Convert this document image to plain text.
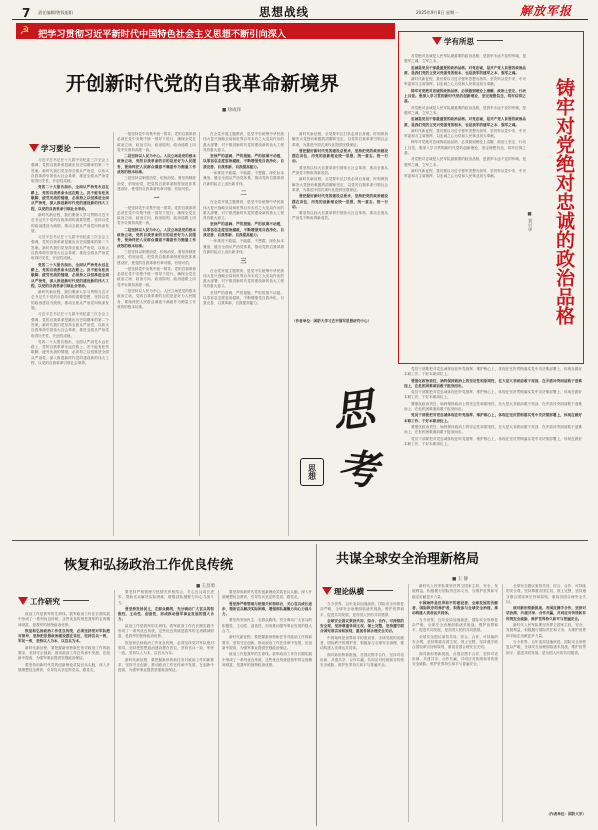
7 责任编辑/曾钱旭阳	思想战线	2025年9月8日 星期一	解放军报
☭ 把学习贯彻习近平新时代中国特色社会主义思想不断引向深入
开创新时代党的自我革命新境界
■ 徐成泽
学习要论

习近平总书记在十九届中央纪委三次全会上强调，党的自我革命是跳出历史周期率的第二个答案。新时代我们党坚持全面从严治党，以伟大自我革命引领伟大社会革命，推进全面从严治党取得历史性、开创性成就。

党的二十大报告指出，全面从严治党永远在路上，党的自我革命永远在路上。决不能有松劲歇脚、疲劳厌战的情绪，必须持之以恒推进全面从严治党，深入推进新时代党的建设新的伟大工程，以党的自我革命引领社会革命。

新时代新征程，我们要深入学习贯彻习近平总书记关于党的自我革命的重要思想，坚持以党的政治建设为统领，推动全面从严治党向纵深发展。

习近平总书记在十九届中央纪委三次全会上强调，党的自我革命是跳出历史周期率的第二个答案。新时代我们党坚持全面从严治党，以伟大自我革命引领伟大社会革命，推进全面从严治党取得历史性、开创性成就。

党的二十大报告指出，全面从严治党永远在路上，党的自我革命永远在路上。决不能有松劲歇脚、疲劳厌战的情绪，必须持之以恒推进全面从严治党，深入推进新时代党的建设新的伟大工程，以党的自我革命引领社会革命。

新时代新征程，我们要深入学习贯彻习近平总书记关于党的自我革命的重要思想，坚持以党的政治建设为统领，推动全面从严治党向纵深发展。

习近平总书记在十九届中央纪委三次全会上强调，党的自我革命是跳出历史周期率的第二个答案。新时代我们党坚持全面从严治党，以伟大自我革命引领伟大社会革命，推进全面从严治党取得历史性、开创性成就。

党的二十大报告指出，全面从严治党永远在路上，党的自我革命永远在路上。决不能有松劲歇脚、疲劳厌战的情绪，必须持之以恒推进全面从严治党，深入推进新时代党的建设新的伟大工程，以党的自我革命引领社会革命。

一是坚持党中央集中统一领导。党的自我革命必须在党中央集中统一领导下进行，确保全党在政治立场、政治方向、政治原则、政治道路上同党中央保持高度一致。

二是坚持以人民为中心。人民立场是党的根本政治立场，党的自我革命的目的是更好为人民服务，要始终把人民群众满意不满意作为衡量工作成效的根本标准。

三是坚持以制度治党、依规治党。要坚持制度治党、依规治党，把党的自我革命制度规范体系建设好，使党的自我革命有章可循、有规可依。

一

一是坚持党中央集中统一领导。党的自我革命必须在党中央集中统一领导下进行，确保全党在政治立场、政治方向、政治原则、政治道路上同党中央保持高度一致。

二是坚持以人民为中心。人民立场是党的根本政治立场，党的自我革命的目的是更好为人民服务，要始终把人民群众满意不满意作为衡量工作成效的根本标准。

三是坚持以制度治党、依规治党。要坚持制度治党、依规治党，把党的自我革命制度规范体系建设好，使党的自我革命有章可循、有规可依。

一是坚持党中央集中统一领导。党的自我革命必须在党中央集中统一领导下进行，确保全党在政治立场、政治方向、政治原则、政治道路上同党中央保持高度一致。

二是坚持以人民为中心。人民立场是党的根本政治立场，党的自我革命的目的是更好为人民服务，要始终把人民群众满意不满意作为衡量工作成效的根本标准。

在全党开展主题教育，是党中央统筹中华民族伟大复兴战略全局和世界百年未有之大变局作出的重大部署，对于推进新时代党的建设新的伟大工程具有重大意义。

坚持严的基调、严的措施、严的氛围不动摇，以零容忍态度惩治腐败，不断增强党自我净化、自我完善、自我革新、自我提高能力。

一体推进不敢腐、不能腐、不想腐，深化标本兼治，健全全面从严治党体系，推动党的自我革命在新的起点上迈出新步伐。

二

在全党开展主题教育，是党中央统筹中华民族伟大复兴战略全局和世界百年未有之大变局作出的重大部署，对于推进新时代党的建设新的伟大工程具有重大意义。

坚持严的基调、严的措施、严的氛围不动摇，以零容忍态度惩治腐败，不断增强党自我净化、自我完善、自我革新、自我提高能力。

一体推进不敢腐、不能腐、不想腐，深化标本兼治，健全全面从严治党体系，推动党的自我革命在新的起点上迈出新步伐。

三

在全党开展主题教育，是党中央统筹中华民族伟大复兴战略全局和世界百年未有之大变局作出的重大部署，对于推进新时代党的建设新的伟大工程具有重大意义。

坚持严的基调、严的措施、严的氛围不动摇，以零容忍态度惩治腐败，不断增强党自我净化、自我完善、自我革新、自我提高能力。

新时代新征程，全党要牢记打铁必须自身硬，时刻保持解决大党独有难题的清醒和坚定，以党的自我革命引领社会革命，为推进中国式现代化提供坚强保证。

要把握好新时代党的建设总要求，坚持把党的政治建设摆在首位，用党的创新理论统一思想、统一意志、统一行动。

要坚持以伟大自我革命引领伟大社会革命，推动全面从严治党不断取得新成效。

新时代新征程，全党要牢记打铁必须自身硬，时刻保持解决大党独有难题的清醒和坚定，以党的自我革命引领社会革命，为推进中国式现代化提供坚强保证。

要把握好新时代党的建设总要求，坚持把党的政治建设摆在首位，用党的创新理论统一思想、统一意志、统一行动。

要坚持以伟大自我革命引领伟大社会革命，推动全面从严治党不断取得新成效。

（作者单位：国防大学习近平强军思想研究中心）
思
考
思想
学有所思

对党绝对忠诚是人民军队最重要的政治品格，是我军永远不变的军魂，是强军之魂、立军之本。

忠诚是党员干部最重要的政治品格。对党忠诚，是共产党人首要的政治品质，是我们党的立党兴党强党的根本，也是我军的建军之本、强军之魂。

新时代新征程，我们要以习近平强军思想为指导，坚决听从党中央、中央军委和习主席指挥，以忠诚之心为党和人民事业担当奉献。

铸牢对党绝对忠诚的政治品格，必须做到理论上清醒、政治上坚定、行动上自觉。要深入学习贯彻新时代党的创新理论，坚定理想信念，筑牢信仰之基。

对党绝对忠诚是人民军队最重要的政治品格，是我军永远不变的军魂，是强军之魂、立军之本。

忠诚是党员干部最重要的政治品格。对党忠诚，是共产党人首要的政治品质，是我们党的立党兴党强党的根本，也是我军的建军之本、强军之魂。

新时代新征程，我们要以习近平强军思想为指导，坚决听从党中央、中央军委和习主席指挥，以忠诚之心为党和人民事业担当奉献。

铸牢对党绝对忠诚的政治品格，必须做到理论上清醒、政治上坚定、行动上自觉。要深入学习贯彻新时代党的创新理论，坚定理想信念，筑牢信仰之基。

对党绝对忠诚是人民军队最重要的政治品格，是我军永远不变的军魂，是强军之魂、立军之本。

新时代新征程，我们要以习近平强军思想为指导，坚决听从党中央、中央军委和习主席指挥，以忠诚之心为党和人民事业担当奉献。	铸牢对党绝对忠诚的政治品格
■ 刘兴华

党员干部要把对党忠诚体现在听党指挥、维护核心上，体现在坚决贯彻落实党中央决策部署上，体现在做好本职工作、干好本职岗位上。

要强化政治责任，始终保持政治上的坚定性和原则性，在大是大非面前敢于亮剑，在矛盾冲突面前敢于迎难而上，在危机困难面前敢于挺身而出。

党员干部要把对党忠诚体现在听党指挥、维护核心上，体现在坚决贯彻落实党中央决策部署上，体现在做好本职工作、干好本职岗位上。

要强化政治责任，始终保持政治上的坚定性和原则性，在大是大非面前敢于亮剑，在矛盾冲突面前敢于迎难而上，在危机困难面前敢于挺身而出。

党员干部要把对党忠诚体现在听党指挥、维护核心上，体现在坚决贯彻落实党中央决策部署上，体现在做好本职工作、干好本职岗位上。

要强化政治责任，始终保持政治上的坚定性和原则性，在大是大非面前敢于亮剑，在矛盾冲突面前敢于迎难而上，在危机困难面前敢于挺身而出。

党员干部要把对党忠诚体现在听党指挥、维护核心上，体现在坚决贯彻落实党中央决策部署上，体现在做好本职工作、干好本职岗位上。

恢复和弘扬政治工作优良传统
■ 王昌勇
工作研究

政治工作是我军的生命线。我军政治工作在长期实践中形成了一系列优良传统，这些优良传统是我军的宝贵精神财富，是我军的独特政治优势。

恢复和弘扬政治工作优良传统，必须坚持党对军队绝对领导，坚持把思想政治建设摆在首位，坚持官兵一致、军民一致，坚持以人为本、以官兵为本。

新时代新征程，要把握新形势新任务对政治工作的新要求，坚持守正创新，推动政治工作在传承中发展、在创新中提高，为强军事业提供坚强政治保证。

要坚持用新时代党的创新理论武装官兵头脑，深入开展理想信念教育，引导官兵坚定听党话、跟党走。

要坚持严格管理与热情关怀相结合，关心官兵成长进步，帮助官兵解决实际困难，增强部队凝聚力向心力战斗力。

要坚持发扬民主，走群众路线，充分调动广大官兵的积极性、主动性、创造性，形成推动强军事业发展的强大合力。

政治工作是我军的生命线。我军政治工作在长期实践中形成了一系列优良传统，这些优良传统是我军的宝贵精神财富，是我军的独特政治优势。

恢复和弘扬政治工作优良传统，必须坚持党对军队绝对领导，坚持把思想政治建设摆在首位，坚持官兵一致、军民一致，坚持以人为本、以官兵为本。

新时代新征程，要把握新形势新任务对政治工作的新要求，坚持守正创新，推动政治工作在传承中发展、在创新中提高，为强军事业提供坚强政治保证。

要坚持用新时代党的创新理论武装官兵头脑，深入开展理想信念教育，引导官兵坚定听党话、跟党走。

要坚持严格管理与热情关怀相结合，关心官兵成长进步，帮助官兵解决实际困难，增强部队凝聚力向心力战斗力。

要坚持发扬民主，走群众路线，充分调动广大官兵的积极性、主动性、创造性，形成推动强军事业发展的强大合力。

新时代新征程，要把握新形势新任务对政治工作的新要求，坚持守正创新，推动政治工作在传承中发展、在创新中提高，为强军事业提供坚强政治保证。

政治工作是我军的生命线。我军政治工作在长期实践中形成了一系列优良传统，这些优良传统是我军的宝贵精神财富，是我军的独特政治优势。

共谋全球安全治理新格局
■ 王 静
理论纵横

当今世界，百年变局加速演进，国际安全形势复杂严峻，全球安全治理面临诸多挑战。维护世界和平、促进共同发展，是各国人民的共同愿望。

全球安全倡议秉持共同、综合、合作、可持续的安全观，坚持尊重各国主权、领土完整，坚持遵守联合国宪章宗旨和原则，重视各国合理安全关切。

中国始终是世界和平的建设者、全球发展的贡献者、国际秩序的维护者，积极参与全球安全治理，推动构建人类命运共同体。

面对新形势新挑战，各国应携手合作，坚持对话协商、共建共享、合作共赢，共同应对传统和非传统安全威胁，维护世界持久和平与普遍安全。

新时代人民军队要坚决捍卫国家主权、安全、发展利益，积极履行国际责任和义务，为维护世界和平稳定贡献更多力量。

中国始终是世界和平的建设者、全球发展的贡献者、国际秩序的维护者，积极参与全球安全治理，推动构建人类命运共同体。

当今世界，百年变局加速演进，国际安全形势复杂严峻，全球安全治理面临诸多挑战。维护世界和平、促进共同发展，是各国人民的共同愿望。

全球安全倡议秉持共同、综合、合作、可持续的安全观，坚持尊重各国主权、领土完整，坚持遵守联合国宪章宗旨和原则，重视各国合理安全关切。

面对新形势新挑战，各国应携手合作，坚持对话协商、共建共享、合作共赢，共同应对传统和非传统安全威胁，维护世界持久和平与普遍安全。

全球安全倡议秉持共同、综合、合作、可持续的安全观，坚持尊重各国主权、领土完整，坚持遵守联合国宪章宗旨和原则，重视各国合理安全关切。

面对新形势新挑战，各国应携手合作，坚持对话协商、共建共享、合作共赢，共同应对传统和非传统安全威胁，维护世界持久和平与普遍安全。

新时代人民军队要坚决捍卫国家主权、安全、发展利益，积极履行国际责任和义务，为维护世界和平稳定贡献更多力量。

当今世界，百年变局加速演进，国际安全形势复杂严峻，全球安全治理面临诸多挑战。维护世界和平、促进共同发展，是各国人民的共同愿望。

（作者单位：国防大学）
